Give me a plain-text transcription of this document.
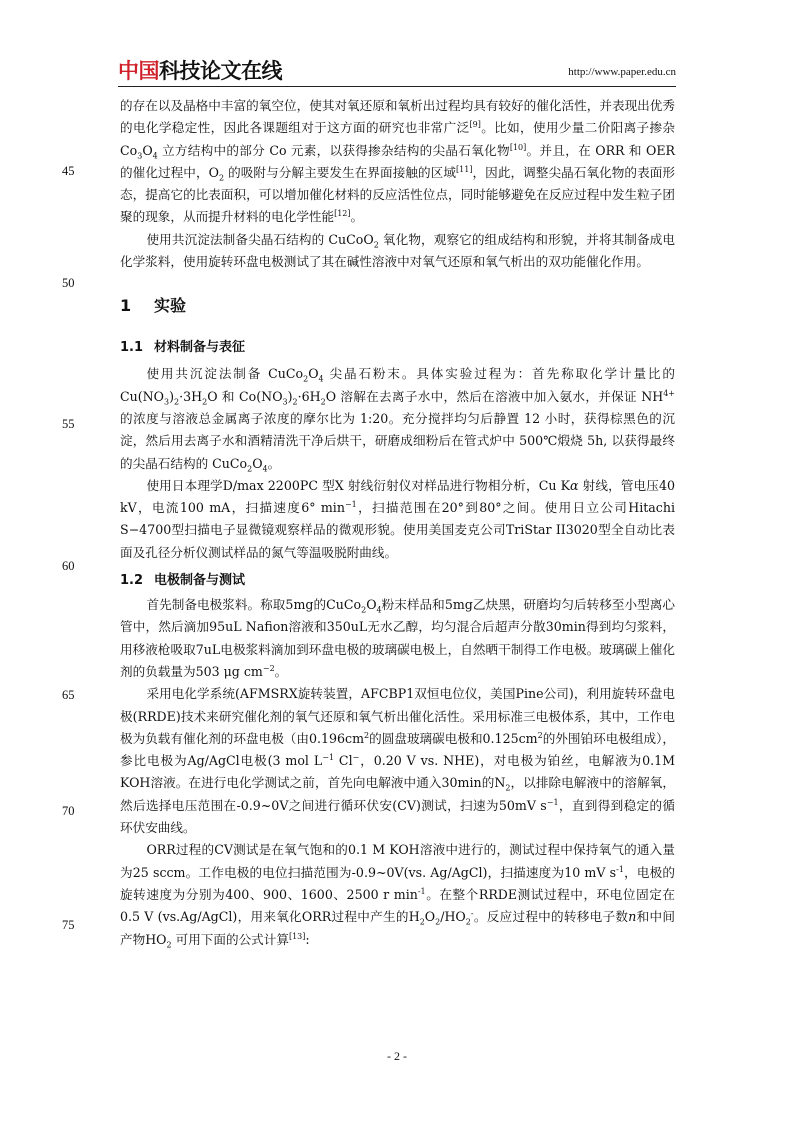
中国科技论文在线	http://www.paper.edu.cn
45
50
55
60
65
70
75

的存在以及晶格中丰富的氧空位，使其对氧还原和氧析出过程均具有较好的催化活性，并表现出优秀的电化学稳定性，因此各课题组对于这方面的研究也非常广泛[9]。比如，使用少量二价阳离子掺杂 $Co_3O_4$ 立方结构中的部分 Co 元素，以获得掺杂结构的尖晶石氧化物[10]。并且，在 ORR 和 OER 的催化过程中，$O_2$ 的吸附与分解主要发生在界面接触的区域[11]，因此，调整尖晶石氧化物的表面形态，提高它的比表面积，可以增加催化材料的反应活性位点，同时能够避免在反应过程中发生粒子团聚的现象，从而提升材料的电化学性能[12]。

使用共沉淀法制备尖晶石结构的 CuCoO$_2$ 氧化物，观察它的组成结构和形貌，并将其制备成电化学浆料，使用旋转环盘电极测试了其在碱性溶液中对氧气还原和氧气析出的双功能催化作用。

1 实验
1.1 材料制备与表征

使用共沉淀法制备 $CuCo_2O_4$ 尖晶石粉末。具体实验过程为：首先称取化学计量比的 $Cu(NO_3)_2\cdot 3H_2O$ 和 $Co(NO_3)_2\cdot 6H_2O$ 溶解在去离子水中，然后在溶液中加入氨水，并保证 $NH^{4+}$ 的浓度与溶液总金属离子浓度的摩尔比为 1:20。充分搅拌均匀后静置 12 小时，获得棕黑色的沉淀，然后用去离子水和酒精清洗干净后烘干，研磨成细粉后在管式炉中 500℃煅烧 5h, 以获得最终的尖晶石结构的 $CuCo_2O_4$。

使用日本理学D/max 2200PC 型X 射线衍射仪对样品进行物相分析，Cu Kα 射线，管电压40 kV，电流100 mA，扫描速度6° $\min^{-1}$，扫描范围在20°到80°之间。使用日立公司Hitachi S−4700型扫描电子显微镜观察样品的微观形貌。使用美国麦克公司TriStar II3020型全自动比表面及孔径分析仪测试样品的氮气等温吸脱附曲线。

1.2 电极制备与测试

首先制备电极浆料。称取5mg的$CuCo_2O_4$粉末样品和5mg乙炔黑，研磨均匀后转移至小型离心管中，然后滴加95uL Nafion溶液和350uL无水乙醇，均匀混合后超声分散30min得到均匀浆料，用移液枪吸取7uL电极浆料滴加到环盘电极的玻璃碳电极上，自然晒干制得工作电极。玻璃碳上催化剂的负载量为503 μg $cm^{-2}$。

采用电化学系统(AFMSRX旋转装置，AFCBP1双恒电位仪，美国Pine公司)，利用旋转环盘电极(RRDE)技术来研究催化剂的氧气还原和氧气析出催化活性。采用标准三电极体系，其中，工作电极为负载有催化剂的环盘电极（由$0.196cm^2$的圆盘玻璃碳电极和$0.125cm^2$的外围铂环电极组成），参比电极为Ag/AgCl电极(3 mol $L^{-1}$ Cl−，0.20 V vs. NHE)，对电极为铂丝，电解液为0.1M KOH溶液。在进行电化学测试之前，首先向电解液中通入30min的$N_2$，以排除电解液中的溶解氧，然后选择电压范围在-0.9~0V之间进行循环伏安(CV)测试，扫速为50mV $s^{-1}$，直到得到稳定的循环伏安曲线。

ORR过程的CV测试是在氧气饱和的0.1 M KOH溶液中进行的，测试过程中保持氧气的通入量为25 sccm。工作电极的电位扫描范围为-0.9~0V(vs. Ag/AgCl)，扫描速度为10 mV $s^{-1}$，电极的旋转速度为分别为400、900、1600、2500 r $\min^{-1}$。在整个RRDE测试过程中，环电位固定在0.5 V (vs.Ag/AgCl)，用来氧化ORR过程中产生的$H_2O_2/HO_2^-$。反应过程中的转移电子数n和中间产物$HO_2$ 可用下面的公式计算[13]:

- 2 -
